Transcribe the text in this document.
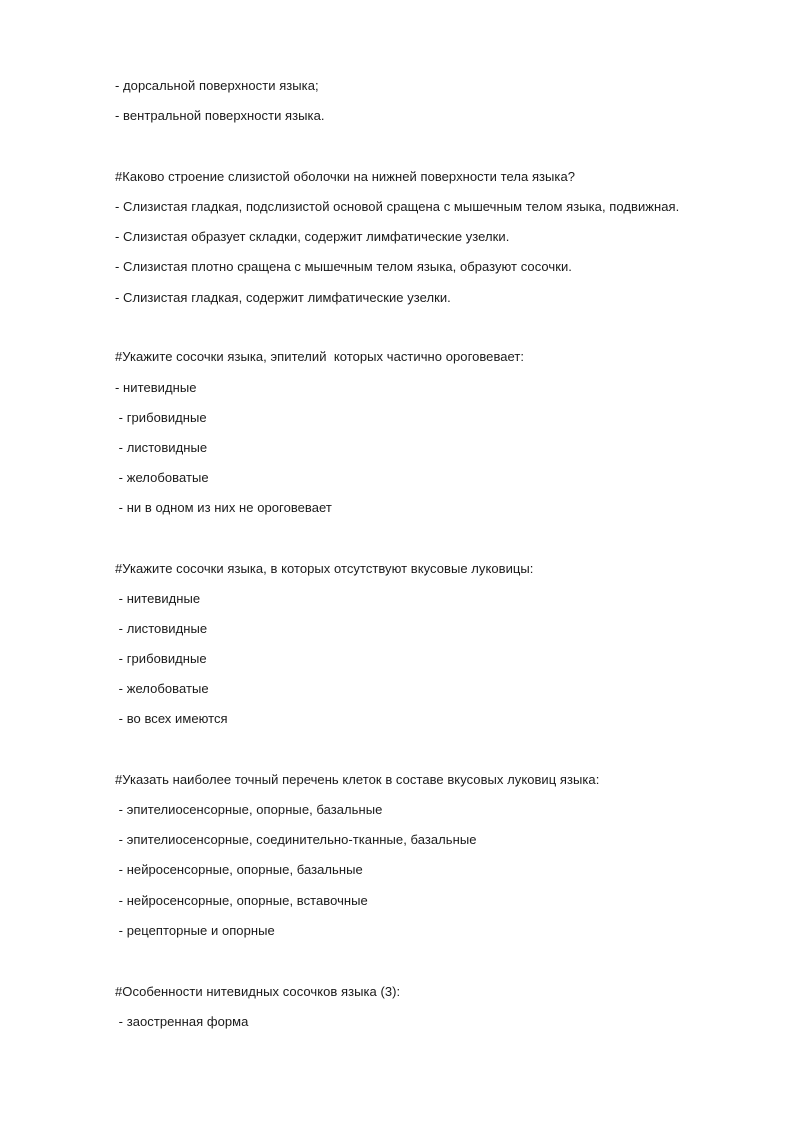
- дорсальной поверхности языка;
- вентральной поверхности языка.
#Каково строение слизистой оболочки на нижней поверхности тела языка?
- Слизистая гладкая, подслизистой основой сращена с мышечным телом языка, подвижная.
- Слизистая образует складки, содержит лимфатические узелки.
- Слизистая плотно сращена с мышечным телом языка, образуют сосочки.
- Слизистая гладкая, содержит лимфатические узелки.
#Укажите сосочки языка, эпителий  которых частично ороговевает:
- нитевидные
- грибовидные
- листовидные
- желобоватые
- ни в одном из них не ороговевает
#Укажите сосочки языка, в которых отсутствуют вкусовые луковицы:
- нитевидные
- листовидные
- грибовидные
- желобоватые
- во всех имеются
#Указать наиболее точный перечень клеток в составе вкусовых луковиц языка:
- эпителиосенсорные, опорные, базальные
- эпителиосенсорные, соединительно-тканные, базальные
- нейросенсорные, опорные, базальные
- нейросенсорные, опорные, вставочные
- рецепторные и опорные
#Особенности нитевидных сосочков языка (3):
- заостренная форма
